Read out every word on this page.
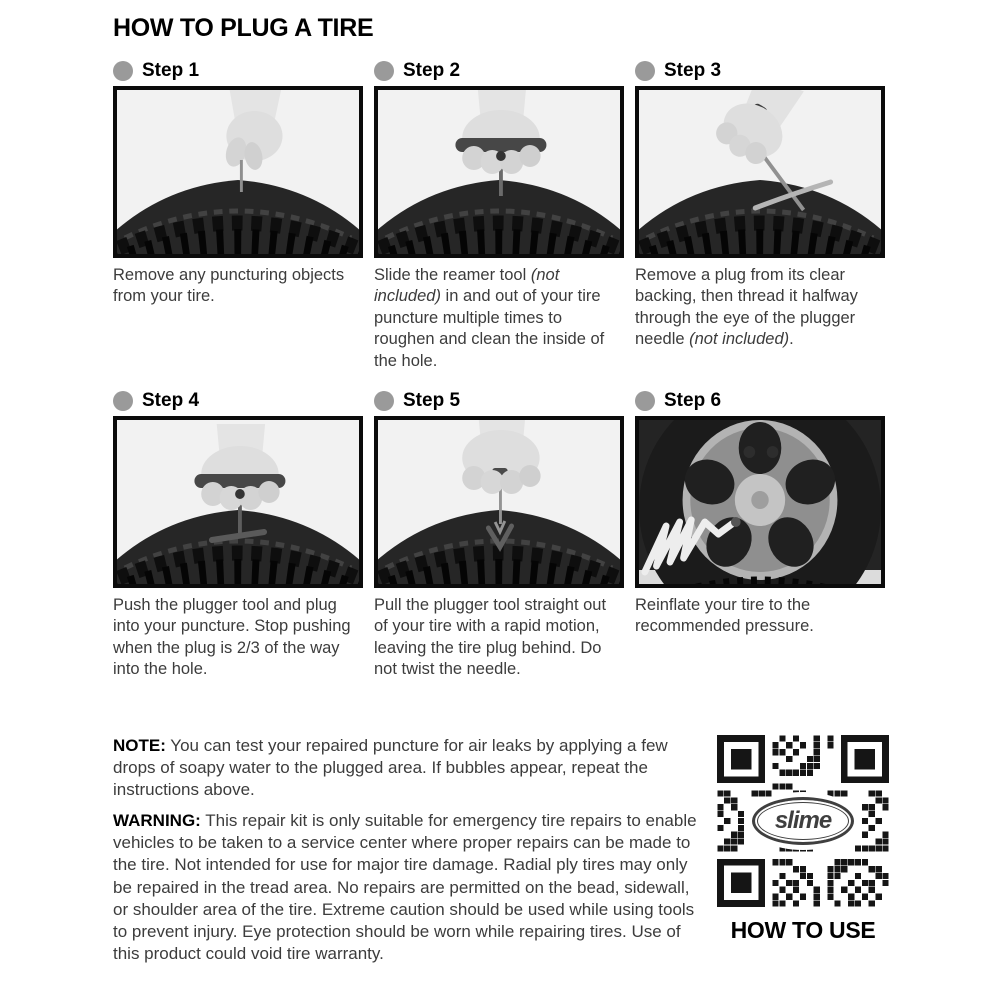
HOW TO PLUG A TIRE
Step 1

Remove any puncturing objects from your tire.

Step 2

Slide the reamer tool (not included) in and out of your tire puncture multiple times to roughen and clean the inside of the hole.

Step 3

Remove a plug from its clear backing, then thread it halfway through the eye of the plugger needle (not included).

Step 4

Push the plugger tool and plug into your puncture. Stop pushing when the plug is 2/3 of the way into the hole.

Step 5

Pull the plugger tool straight out of your tire with a rapid motion, leaving the tire plug behind. Do not twist the needle.

Step 6

Reinflate your tire to the recommended pressure.

NOTE: You can test your repaired puncture for air leaks by applying a few drops of soapy water to the plugged area. If bubbles appear, repeat the instructions above.

WARNING: This repair kit is only suitable for emergency tire repairs to enable vehicles to be taken to a service center where proper repairs can be made to the tire. Not intended for use for major tire damage. Radial ply tires may only be repaired in the tread area. No repairs are permitted on the bead, sidewall, or shoulder area of the tire. Extreme caution should be used while using tools to prevent injury. Eye protection should be worn while repairing tires. Use of this product could void tire warranty.

slime
HOW TO USE
